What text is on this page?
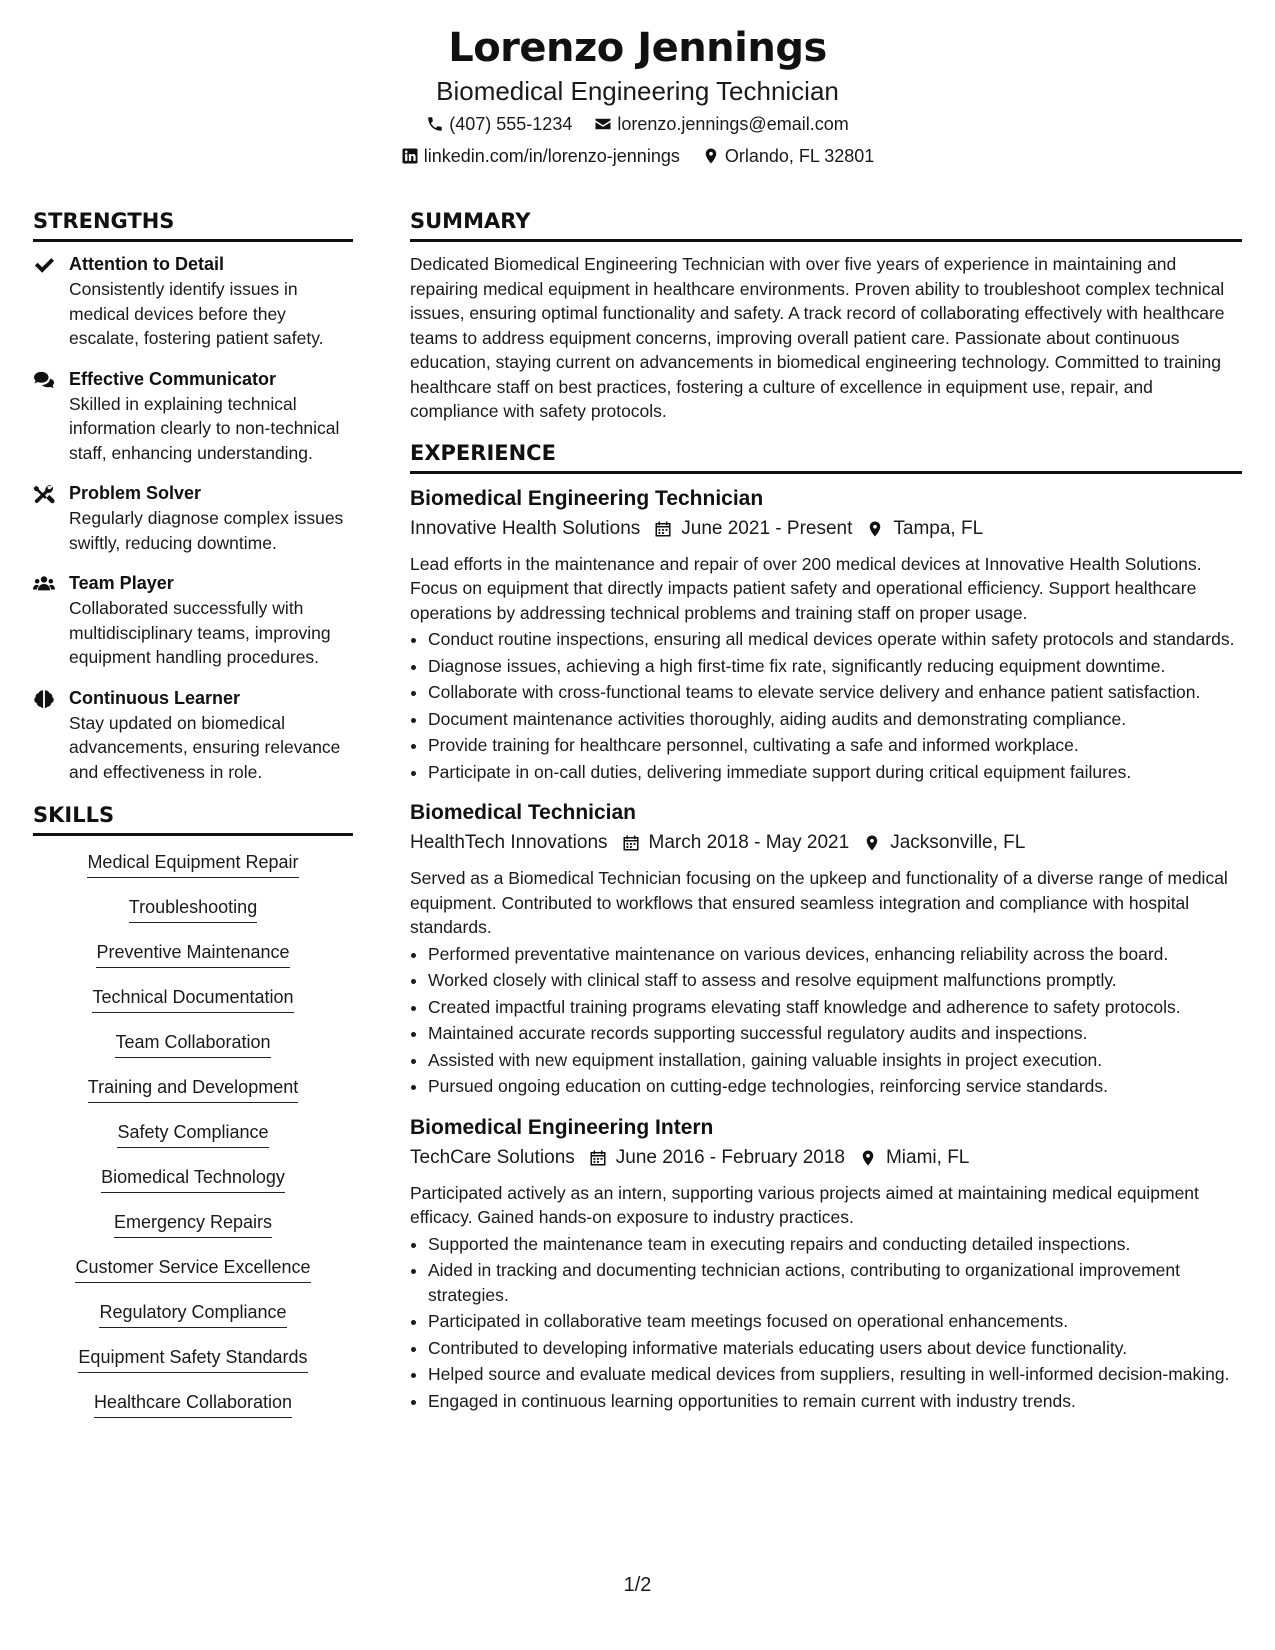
Lorenzo Jennings
Biomedical Engineering Technician
(407) 555-1234	lorenzo.jennings@email.com
linkedin.com/in/lorenzo-jennings	Orlando, FL 32801
STRENGTHS
Attention to Detail
Consistently identify issues in medical devices before they escalate, fostering patient safety.
Effective Communicator
Skilled in explaining technical information clearly to non-technical staff, enhancing understanding.
Problem Solver
Regularly diagnose complex issues swiftly, reducing downtime.
Team Player
Collaborated successfully with multidisciplinary teams, improving equipment handling procedures.
Continuous Learner
Stay updated on biomedical advancements, ensuring relevance and effectiveness in role.
SKILLS
Medical Equipment Repair
Troubleshooting
Preventive Maintenance
Technical Documentation
Team Collaboration
Training and Development
Safety Compliance
Biomedical Technology
Emergency Repairs
Customer Service Excellence
Regulatory Compliance
Equipment Safety Standards
Healthcare Collaboration
SUMMARY
Dedicated Biomedical Engineering Technician with over five years of experience in maintaining and repairing medical equipment in healthcare environments. Proven ability to troubleshoot complex technical issues, ensuring optimal functionality and safety. A track record of collaborating effectively with healthcare teams to address equipment concerns, improving overall patient care. Passionate about continuous education, staying current on advancements in biomedical engineering technology. Committed to training healthcare staff on best practices, fostering a culture of excellence in equipment use, repair, and compliance with safety protocols.
EXPERIENCE
Biomedical Engineering Technician
Innovative Health Solutions June 2021 - Present Tampa, FL
Lead efforts in the maintenance and repair of over 200 medical devices at Innovative Health Solutions. Focus on equipment that directly impacts patient safety and operational efficiency. Support healthcare operations by addressing technical problems and training staff on proper usage.
• Conduct routine inspections, ensuring all medical devices operate within safety protocols and standards.
• Diagnose issues, achieving a high first-time fix rate, significantly reducing equipment downtime.
• Collaborate with cross-functional teams to elevate service delivery and enhance patient satisfaction.
• Document maintenance activities thoroughly, aiding audits and demonstrating compliance.
• Provide training for healthcare personnel, cultivating a safe and informed workplace.
• Participate in on-call duties, delivering immediate support during critical equipment failures.
Biomedical Technician
HealthTech Innovations March 2018 - May 2021 Jacksonville, FL
Served as a Biomedical Technician focusing on the upkeep and functionality of a diverse range of medical equipment. Contributed to workflows that ensured seamless integration and compliance with hospital standards.
• Performed preventative maintenance on various devices, enhancing reliability across the board.
• Worked closely with clinical staff to assess and resolve equipment malfunctions promptly.
• Created impactful training programs elevating staff knowledge and adherence to safety protocols.
• Maintained accurate records supporting successful regulatory audits and inspections.
• Assisted with new equipment installation, gaining valuable insights in project execution.
• Pursued ongoing education on cutting-edge technologies, reinforcing service standards.
Biomedical Engineering Intern
TechCare Solutions June 2016 - February 2018 Miami, FL
Participated actively as an intern, supporting various projects aimed at maintaining medical equipment efficacy. Gained hands-on exposure to industry practices.
• Supported the maintenance team in executing repairs and conducting detailed inspections.
• Aided in tracking and documenting technician actions, contributing to organizational improvement strategies.
• Participated in collaborative team meetings focused on operational enhancements.
• Contributed to developing informative materials educating users about device functionality.
• Helped source and evaluate medical devices from suppliers, resulting in well-informed decision-making.
• Engaged in continuous learning opportunities to remain current with industry trends.
1/2
